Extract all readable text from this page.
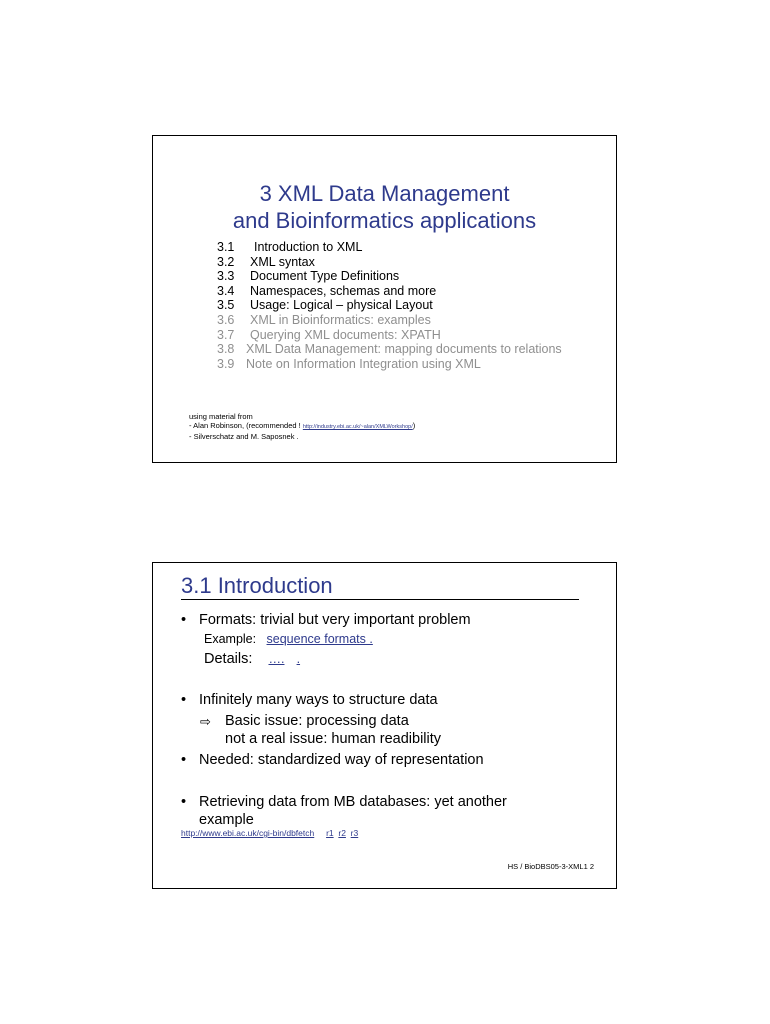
3 XML Data Management
and Bioinformatics applications
3.1 Introduction to XML
3.2 XML syntax
3.3 Document Type Definitions
3.4 Namespaces, schemas and more
3.5 Usage: Logical – physical Layout
3.6 XML in Bioinformatics: examples
3.7 Querying XML documents: XPATH
3.8 XML Data Management: mapping documents to relations
3.9 Note on Information Integration using XML
using material from
- Alan Robinson, (recommended ! http://industry.ebi.ac.uk/~alan/XMLWorkshop/)
- Silverschatz and M. Saposnek .
3.1 Introduction
• Formats: trivial but very important problem
Example: sequence formats .
Details: …. .
• Infinitely many ways to structure data
⇨ Basic issue: processing data
not a real issue: human readibility
• Needed: standardized way of representation
• Retrieving data from MB databases: yet another
example
http://www.ebi.ac.uk/cgi-bin/dbfetch r1 r2 r3
HS / BioDBS05-3-XML1 2
